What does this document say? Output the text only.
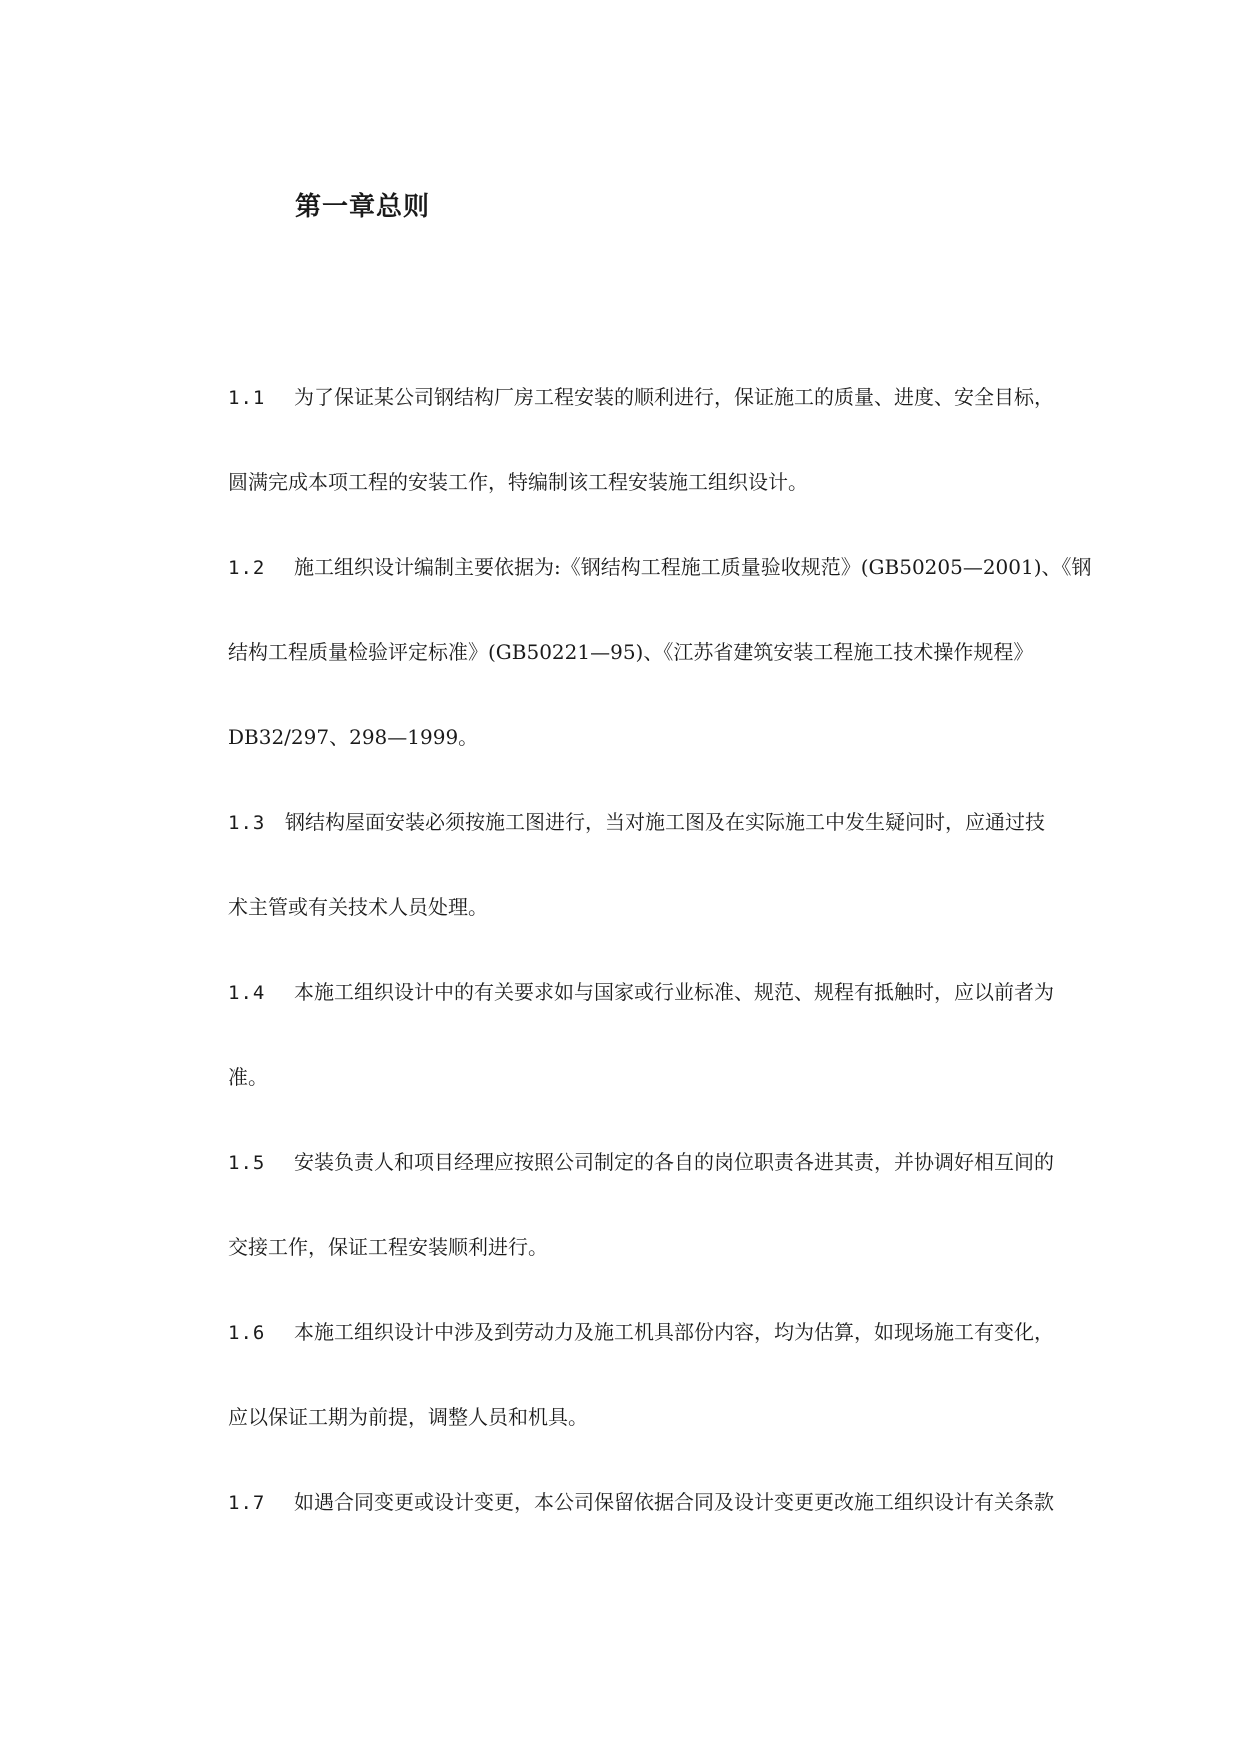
第一章总则
1.1 为了保证某公司钢结构厂房工程安装的顺利进行，保证施工的质量、进度、安全目标，
圆满完成本项工程的安装工作，特编制该工程安装施工组织设计。
1.2 施工组织设计编制主要依据为:《钢结构工程施工质量验收规范》(GB50205—2001)、《钢
结构工程质量检验评定标准》(GB50221—95)、《江苏省建筑安装工程施工技术操作规程》
DB32/297、298—1999。
1.3 钢结构屋面安装必须按施工图进行，当对施工图及在实际施工中发生疑问时，应通过技
术主管或有关技术人员处理。
1.4 本施工组织设计中的有关要求如与国家或行业标准、规范、规程有抵触时，应以前者为
准。
1.5 安装负责人和项目经理应按照公司制定的各自的岗位职责各进其责，并协调好相互间的
交接工作，保证工程安装顺利进行。
1.6 本施工组织设计中涉及到劳动力及施工机具部份内容，均为估算，如现场施工有变化，
应以保证工期为前提，调整人员和机具。
1.7 如遇合同变更或设计变更，本公司保留依据合同及设计变更更改施工组织设计有关条款
